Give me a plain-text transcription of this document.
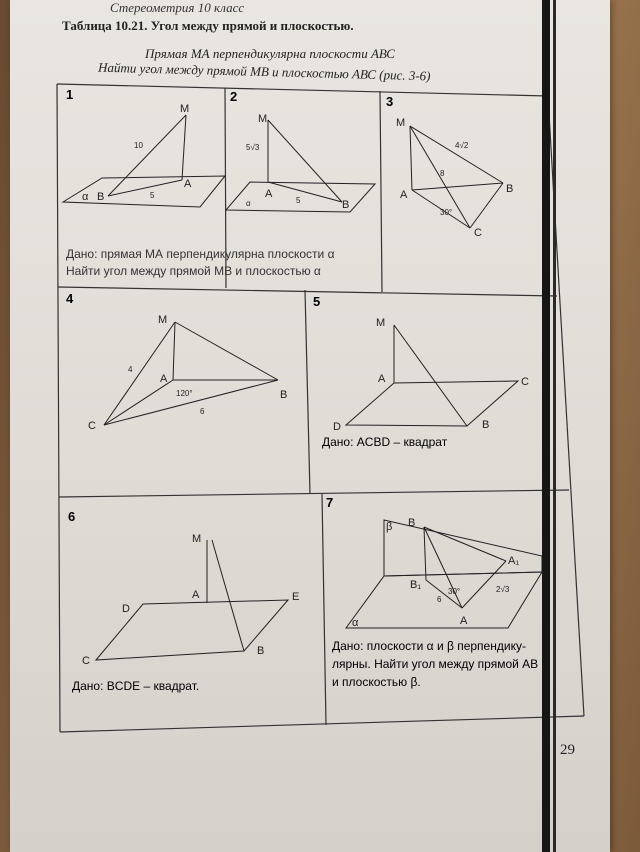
Стереометрия 10 класс
Таблица 10.21. Угол между прямой и плоскостью.
Прямая МА перпендикулярна плоскости АВС
Найти угол между прямой МВ и плоскостью АВС (рис. 3-6)
M
A
B
α
10
5
1
M
A
B
α
5√3
5
2
M
A	B
C
4√2
8
30°
3
Дано: прямая МА перпендикулярна плоскости α
Найти угол между прямой MB и плоскостью α
M
A
B
C
4
6
120°
4
M
A
B
C
D
Дано: ACBD – квадрат
5
M
A
B
C
D
E
Дано: BCDE – квадрат.
6
β
α
B
B₁
A
A₁
6
2√3
30°
Дано: плоскости α и β перпендику-
лярны. Найти угол между прямой AB
и плоскостью β.
7
29
